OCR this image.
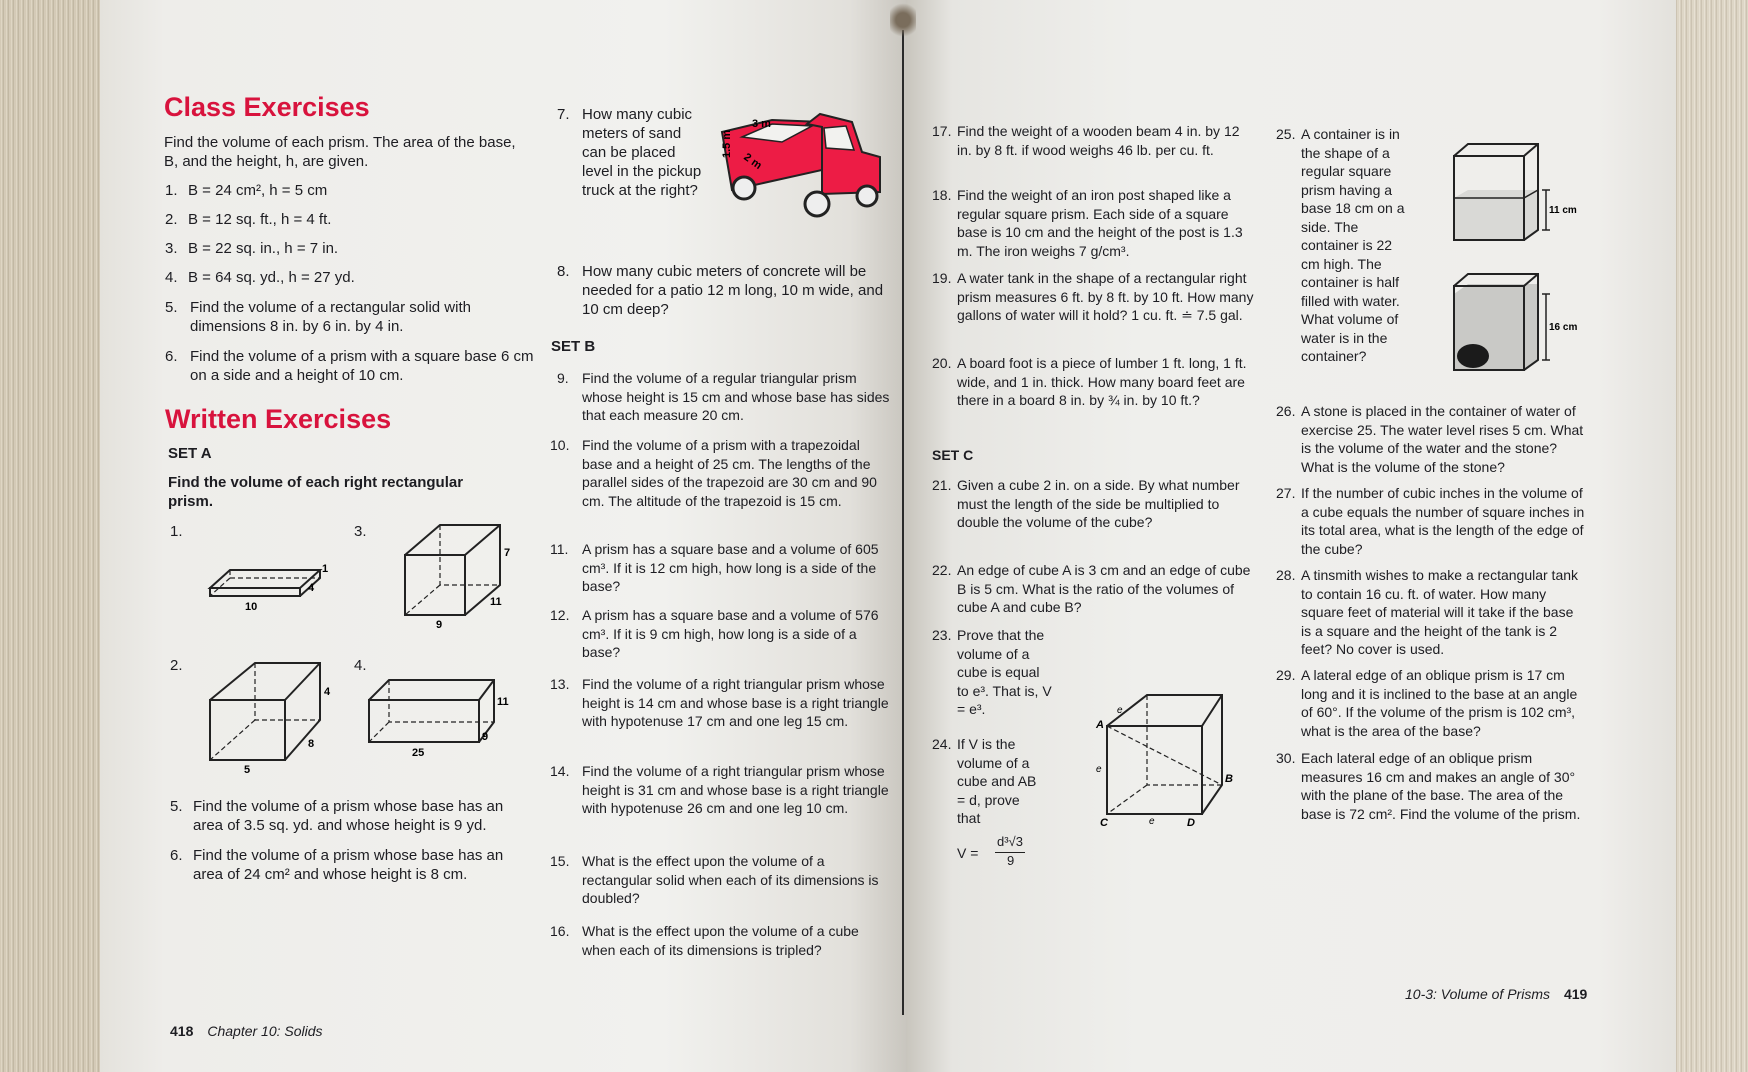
Class Exercises

Find the volume of each prism. The area of the base, B, and the height, h, are given.

1. B = 24 cm², h = 5 cm
2. B = 12 sq. ft., h = 4 ft.
3. B = 22 sq. in., h = 7 in.
4. B = 64 sq. yd., h = 27 yd.
5. Find the volume of a rectangular solid with dimensions 8 in. by 6 in. by 4 in.
6. Find the volume of a prism with a square base 6 cm on a side and a height of 10 cm.
Written Exercises

SET A

Find the volume of each right rectangular prism.

1.	3.
2.	4.
10
4
1
9
11
7
5
8
4
25
9
11
5. Find the volume of a prism whose base has an area of 3.5 sq. yd. and whose height is 9 yd.
6. Find the volume of a prism whose base has an area of 24 cm² and whose height is 8 cm.
418 Chapter 10: Solids
7. How many cubic meters of sand can be placed level in the pickup truck at the right?
3 m
1.5 m
2 m
8. How many cubic meters of concrete will be needed for a patio 12 m long, 10 m wide, and 10 cm deep?

SET B

9. Find the volume of a regular triangular prism whose height is 15 cm and whose base has sides that each measure 20 cm.
10. Find the volume of a prism with a trapezoidal base and a height of 25 cm. The lengths of the parallel sides of the trapezoid are 30 cm and 90 cm. The altitude of the trapezoid is 15 cm.
11. A prism has a square base and a volume of 605 cm³. If it is 12 cm high, how long is a side of the base?
12. A prism has a square base and a volume of 576 cm³. If it is 9 cm high, how long is a side of a base?
13. Find the volume of a right triangular prism whose height is 14 cm and whose base is a right triangle with hypotenuse 17 cm and one leg 15 cm.
14. Find the volume of a right triangular prism whose height is 31 cm and whose base is a right triangle with hypotenuse 26 cm and one leg 10 cm.
15. What is the effect upon the volume of a rectangular solid when each of its dimensions is doubled?
16. What is the effect upon the volume of a cube when each of its dimensions is tripled?
17. Find the weight of a wooden beam 4 in. by 12 in. by 8 ft. if wood weighs 46 lb. per cu. ft.
18. Find the weight of an iron post shaped like a regular square prism. Each side of a square base is 10 cm and the height of the post is 1.3 m. The iron weighs 7 g/cm³.
19. A water tank in the shape of a rectangular right prism measures 6 ft. by 8 ft. by 10 ft. How many gallons of water will it hold? 1 cu. ft. ≐ 7.5 gal.
20. A board foot is a piece of lumber 1 ft. long, 1 ft. wide, and 1 in. thick. How many board feet are there in a board 8 in. by ¾ in. by 10 ft.?

SET C

21. Given a cube 2 in. on a side. By what number must the length of the side be multiplied to double the volume of the cube?
22. An edge of cube A is 3 cm and an edge of cube B is 5 cm. What is the ratio of the volumes of cube A and cube B?
23. Prove that the volume of a cube is equal to e³. That is, V = e³.
24. If V is the volume of a cube and AB = d, prove that
V =
d³√3
9
A
B
C	D
e
e
e
25. A container is in the shape of a regular square prism having a base 18 cm on a side. The container is 22 cm high. The container is half filled with water. What volume of water is in the container?
11 cm
16 cm
26. A stone is placed in the container of water of exercise 25. The water level rises 5 cm. What is the volume of the water and the stone? What is the volume of the stone?
27. If the number of cubic inches in the volume of a cube equals the number of square inches in its total area, what is the length of the edge of the cube?
28. A tinsmith wishes to make a rectangular tank to contain 16 cu. ft. of water. How many square feet of material will it take if the base is a square and the height of the tank is 2 feet? No cover is used.
29. A lateral edge of an oblique prism is 17 cm long and it is inclined to the base at an angle of 60°. If the volume of the prism is 102 cm³, what is the area of the base?
30. Each lateral edge of an oblique prism measures 16 cm and makes an angle of 30° with the plane of the base. The area of the base is 72 cm². Find the volume of the prism.
10-3: Volume of Prisms 419
